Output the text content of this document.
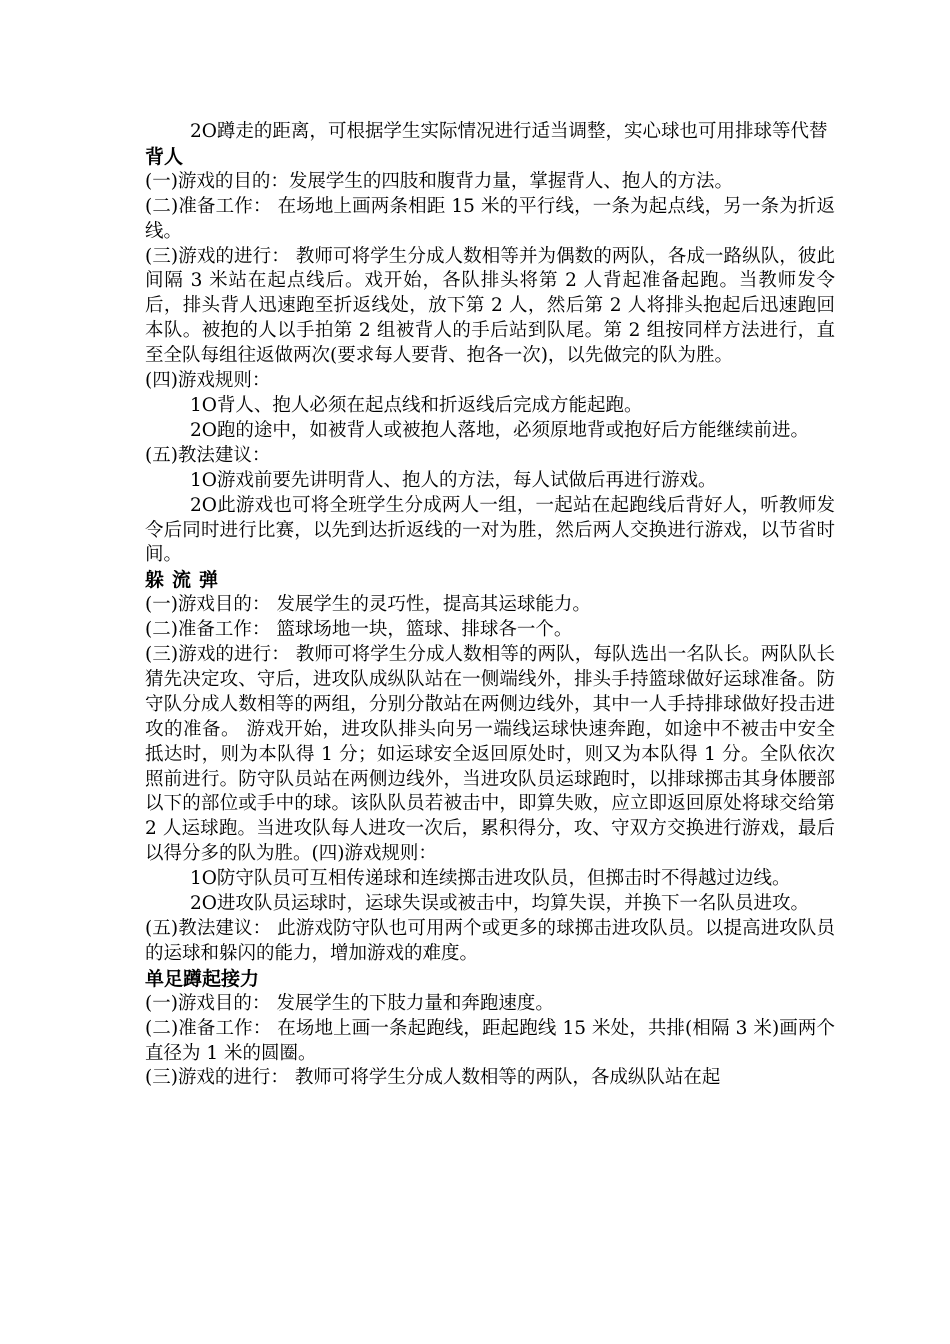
2O蹲走的距离，可根据学生实际情况进行适当调整，实心球也可用排球等代替

背人

(一)游戏的目的：发展学生的四肢和腹背力量，掌握背人、抱人的方法。

(二)准备工作： 在场地上画两条相距 15 米的平行线，一条为起点线，另一条为折返线。

(三)游戏的进行： 教师可将学生分成人数相等并为偶数的两队，各成一路纵队，彼此间隔 3 米站在起点线后。戏开始，各队排头将第 2 人背起准备起跑。当教师发令后，排头背人迅速跑至折返线处，放下第 2 人，然后第 2 人将排头抱起后迅速跑回本队。被抱的人以手拍第 2 组被背人的手后站到队尾。第 2 组按同样方法进行，直至全队每组往返做两次(要求每人要背、抱各一次)，以先做完的队为胜。

(四)游戏规则：

1O背人、抱人必须在起点线和折返线后完成方能起跑。

2O跑的途中，如被背人或被抱人落地，必须原地背或抱好后方能继续前进。

(五)教法建议：

1O游戏前要先讲明背人、抱人的方法，每人试做后再进行游戏。

2O此游戏也可将全班学生分成两人一组，一起站在起跑线后背好人，听教师发令后同时进行比赛，以先到达折返线的一对为胜，然后两人交换进行游戏，以节省时间。

躲流弹

(一)游戏目的： 发展学生的灵巧性，提高其运球能力。

(二)准备工作： 篮球场地一块，篮球、排球各一个。

(三)游戏的进行： 教师可将学生分成人数相等的两队，每队选出一名队长。两队队长猜先决定攻、守后，进攻队成纵队站在一侧端线外，排头手持篮球做好运球准备。防守队分成人数相等的两组，分别分散站在两侧边线外，其中一人手持排球做好投击进攻的准备。 游戏开始，进攻队排头向另一端线运球快速奔跑，如途中不被击中安全抵达时，则为本队得 1 分；如运球安全返回原处时，则又为本队得 1 分。全队依次照前进行。防守队员站在两侧边线外，当进攻队员运球跑时，以排球掷击其身体腰部以下的部位或手中的球。该队队员若被击中，即算失败，应立即返回原处将球交给第 2 人运球跑。当进攻队每人进攻一次后，累积得分，攻、守双方交换进行游戏，最后以得分多的队为胜。(四)游戏规则：

1O防守队员可互相传递球和连续掷击进攻队员，但掷击时不得越过边线。

2O进攻队员运球时，运球失误或被击中，均算失误，并换下一名队员进攻。

(五)教法建议： 此游戏防守队也可用两个或更多的球掷击进攻队员。以提高进攻队员的运球和躲闪的能力，增加游戏的难度。

单足蹲起接力

(一)游戏目的： 发展学生的下肢力量和奔跑速度。

(二)准备工作： 在场地上画一条起跑线，距起跑线 15 米处，共排(相隔 3 米)画两个直径为 1 米的圆圈。

(三)游戏的进行： 教师可将学生分成人数相等的两队，各成纵队站在起
